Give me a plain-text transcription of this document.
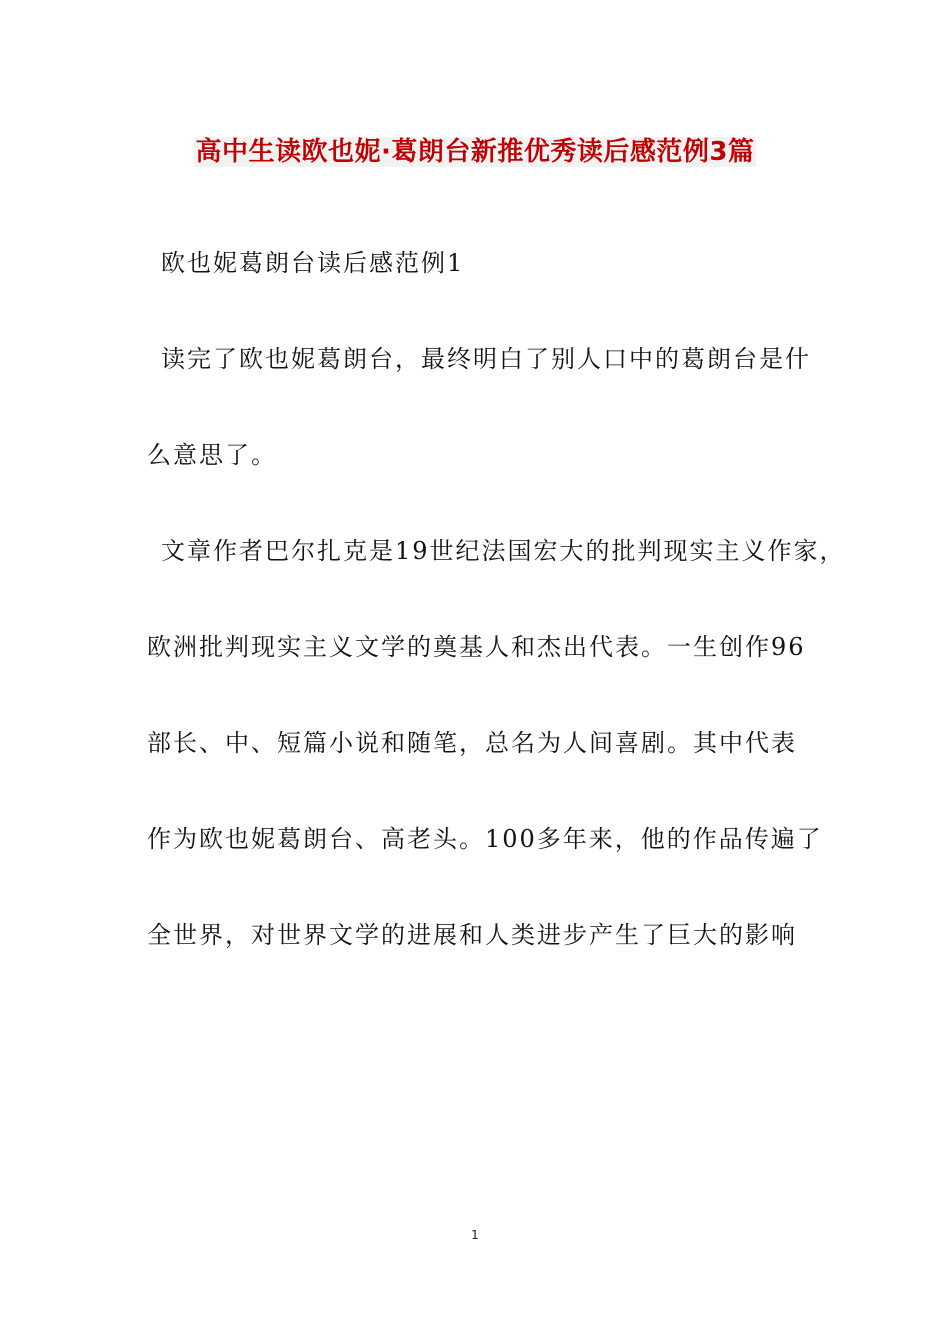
高中生读欧也妮·葛朗台新推优秀读后感范例3篇

欧也妮葛朗台读后感范例1

读完了欧也妮葛朗台，最终明白了别人口中的葛朗台是什

么意思了。

文章作者巴尔扎克是19世纪法国宏大的批判现实主义作家，

欧洲批判现实主义文学的奠基人和杰出代表。一生创作96

部长、中、短篇小说和随笔，总名为人间喜剧。其中代表

作为欧也妮葛朗台、高老头。100多年来，他的作品传遍了

全世界，对世界文学的进展和人类进步产生了巨大的影响

1
